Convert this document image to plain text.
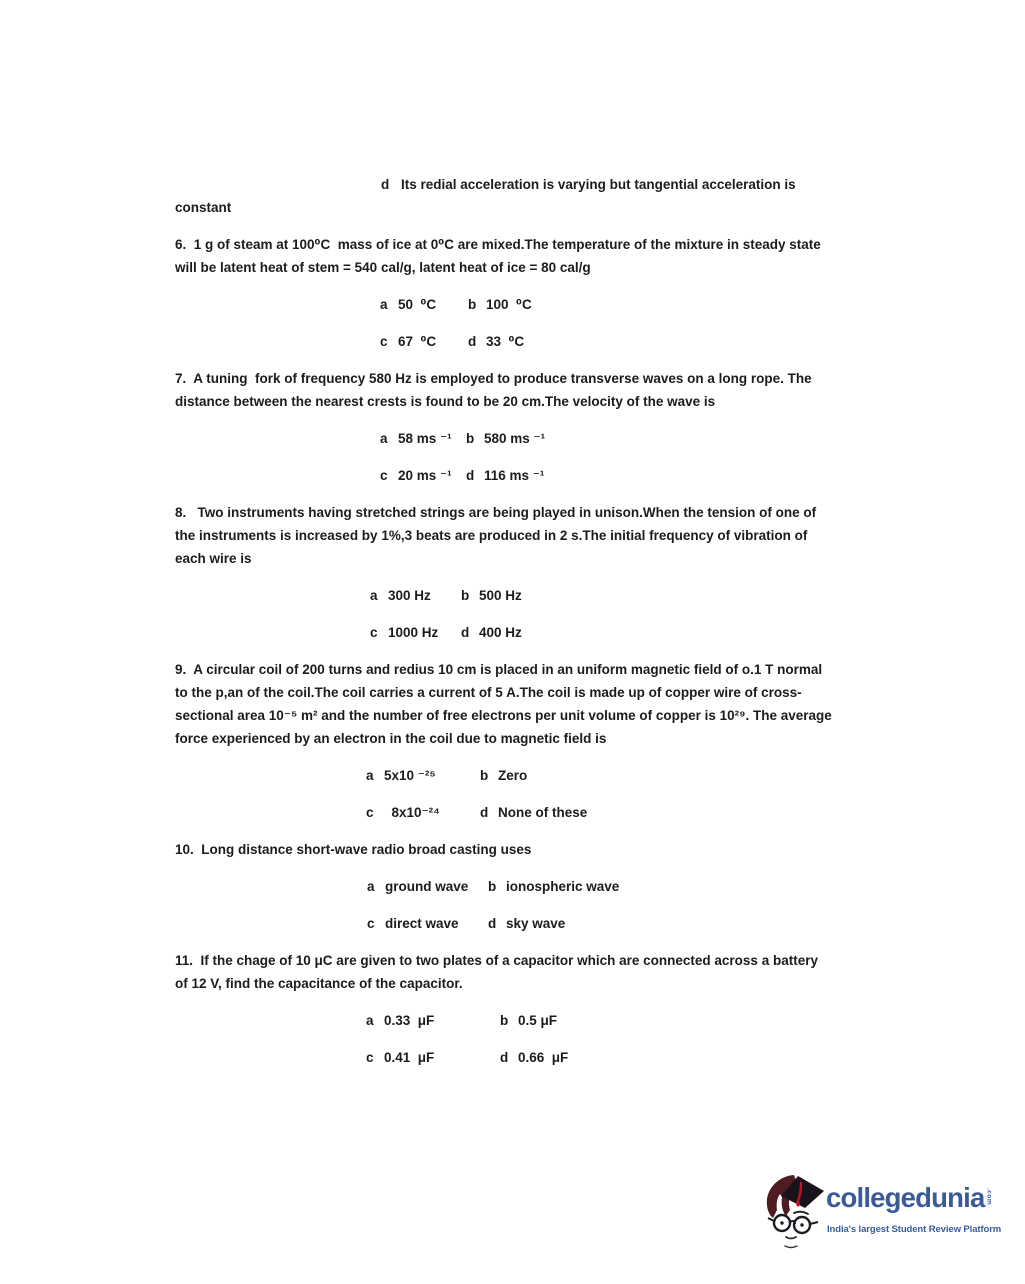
d Its redial acceleration is varying but tangential acceleration is
constant
6.  1 g of steam at 100⁰C  mass of ice at 0⁰C are mixed.The temperature of the mixture in steady state
will be latent heat of stem = 540 cal/g, latent heat of ice = 80 cal/g
a 50  ⁰C b 100  ⁰C
c 67  ⁰C d 33  ⁰C
7.  A tuning  fork of frequency 580 Hz is employed to produce transverse waves on a long rope. The
distance between the nearest crests is found to be 20 cm.The velocity of the wave is
a 58 ms ⁻¹ b 580 ms ⁻¹
c 20 ms ⁻¹ d 116 ms ⁻¹
8.   Two instruments having stretched strings are being played in unison.When the tension of one of
the instruments is increased by 1%,3 beats are produced in 2 s.The initial frequency of vibration of
each wire is
a 300 Hz b 500 Hz
c 1000 Hz d 400 Hz
9.  A circular coil of 200 turns and redius 10 cm is placed in an uniform magnetic field of o.1 T normal
to the p,an of the coil.The coil carries a current of 5 A.The coil is made up of copper wire of cross-
sectional area 10⁻⁵ m² and the number of free electrons per unit volume of copper is 10²⁹. The average
force experienced by an electron in the coil due to magnetic field is
a 5x10 ⁻²⁵	b Zero
c 8x10⁻²⁴	d None of these
10.  Long distance short-wave radio broad casting uses
a ground wave b ionospheric wave
c direct wave d sky wave
11.  If the chage of 10 μC are given to two plates of a capacitor which are connected across a battery
of 12 V, find the capacitance of the capacitor.
a 0.33  μF	b 0.5 μF
c 0.41  μF	d 0.66  μF
collegedunia .com
India's largest Student Review Platform
